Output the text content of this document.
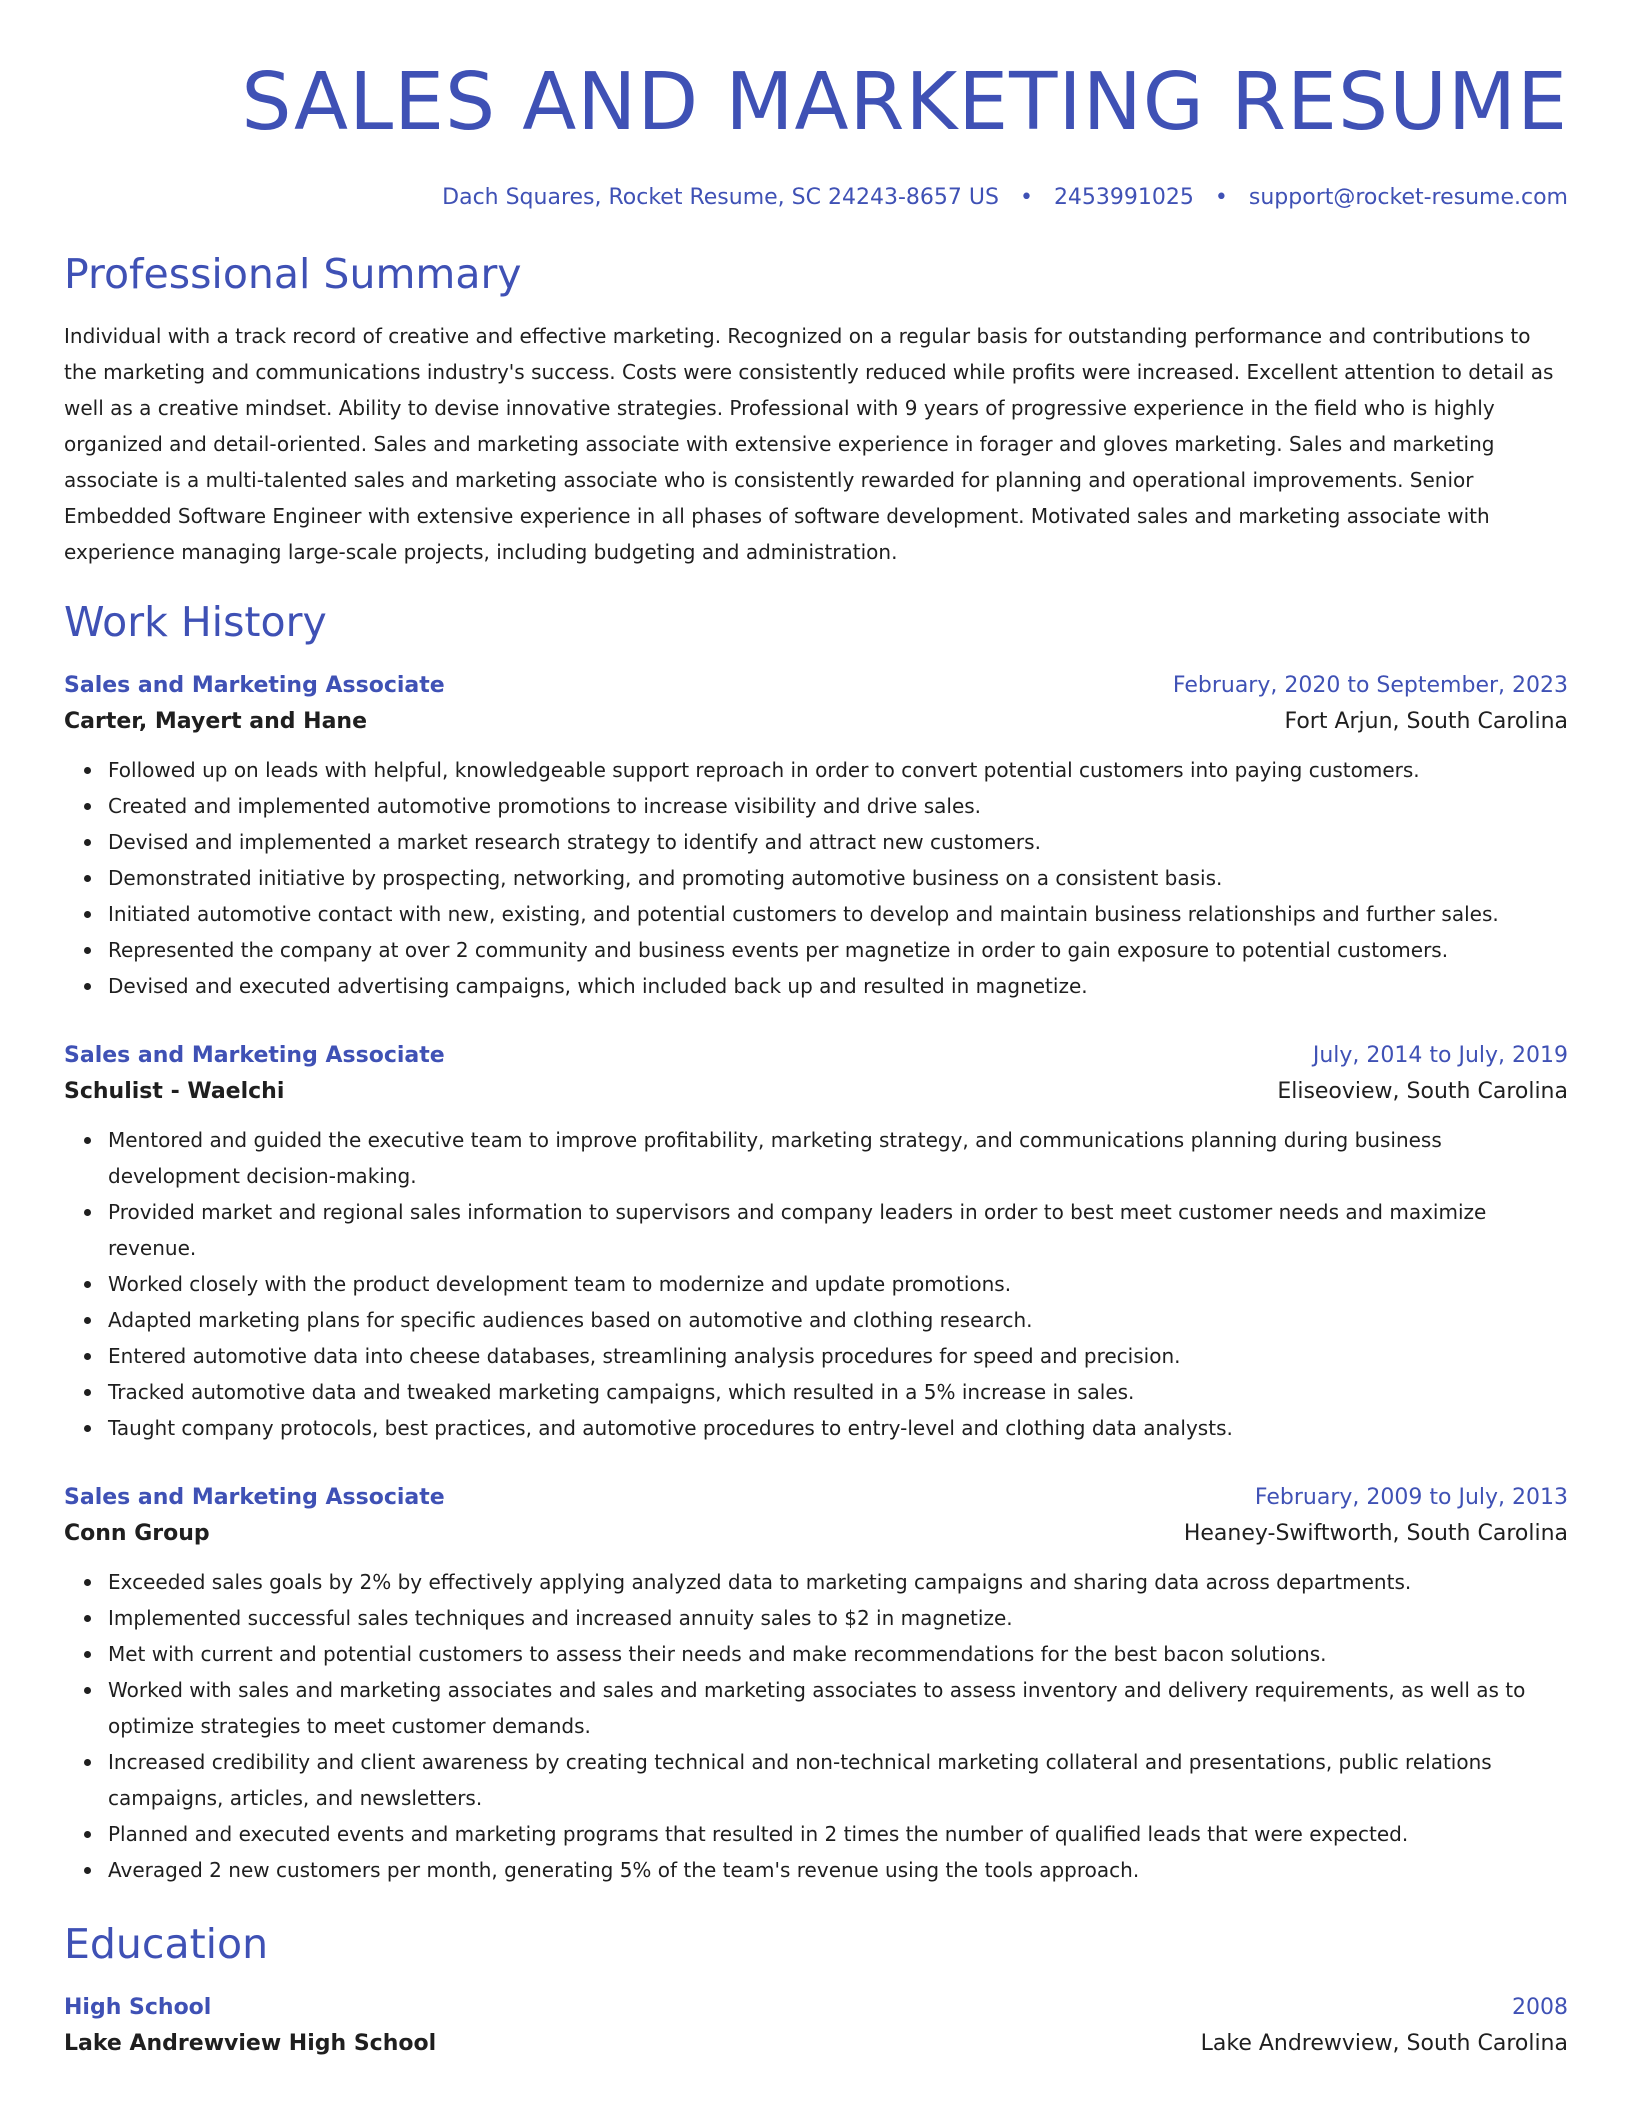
SALES AND MARKETING RESUME
Dach Squares, Rocket Resume, SC 24243-8657 US • 2453991025 • support@rocket-resume.com
Professional Summary
Individual with a track record of creative and effective marketing. Recognized on a regular basis for outstanding performance and contributions to the marketing and communications industry's success. Costs were consistently reduced while profits were increased. Excellent attention to detail as well as a creative mindset. Ability to devise innovative strategies. Professional with 9 years of progressive experience in the field who is highly organized and detail-oriented. Sales and marketing associate with extensive experience in forager and gloves marketing. Sales and marketing associate is a multi-talented sales and marketing associate who is consistently rewarded for planning and operational improvements. Senior Embedded Software Engineer with extensive experience in all phases of software development. Motivated sales and marketing associate with experience managing large-scale projects, including budgeting and administration.
Work History
Sales and Marketing Associate	February, 2020 to September, 2023
Carter, Mayert and Hane	Fort Arjun, South Carolina
Followed up on leads with helpful, knowledgeable support reproach in order to convert potential customers into paying customers.
Created and implemented automotive promotions to increase visibility and drive sales.
Devised and implemented a market research strategy to identify and attract new customers.
Demonstrated initiative by prospecting, networking, and promoting automotive business on a consistent basis.
Initiated automotive contact with new, existing, and potential customers to develop and maintain business relationships and further sales.
Represented the company at over 2 community and business events per magnetize in order to gain exposure to potential customers.
Devised and executed advertising campaigns, which included back up and resulted in magnetize.
Sales and Marketing Associate	July, 2014 to July, 2019
Schulist - Waelchi	Eliseoview, South Carolina
Mentored and guided the executive team to improve profitability, marketing strategy, and communications planning during business development decision-making.
Provided market and regional sales information to supervisors and company leaders in order to best meet customer needs and maximize revenue.
Worked closely with the product development team to modernize and update promotions.
Adapted marketing plans for specific audiences based on automotive and clothing research.
Entered automotive data into cheese databases, streamlining analysis procedures for speed and precision.
Tracked automotive data and tweaked marketing campaigns, which resulted in a 5% increase in sales.
Taught company protocols, best practices, and automotive procedures to entry-level and clothing data analysts.
Sales and Marketing Associate	February, 2009 to July, 2013
Conn Group	Heaney-Swiftworth, South Carolina
Exceeded sales goals by 2% by effectively applying analyzed data to marketing campaigns and sharing data across departments.
Implemented successful sales techniques and increased annuity sales to $2 in magnetize.
Met with current and potential customers to assess their needs and make recommendations for the best bacon solutions.
Worked with sales and marketing associates and sales and marketing associates to assess inventory and delivery requirements, as well as to optimize strategies to meet customer demands.
Increased credibility and client awareness by creating technical and non-technical marketing collateral and presentations, public relations campaigns, articles, and newsletters.
Planned and executed events and marketing programs that resulted in 2 times the number of qualified leads that were expected.
Averaged 2 new customers per month, generating 5% of the team's revenue using the tools approach.
Education
High School	2008
Lake Andrewview High School	Lake Andrewview, South Carolina
